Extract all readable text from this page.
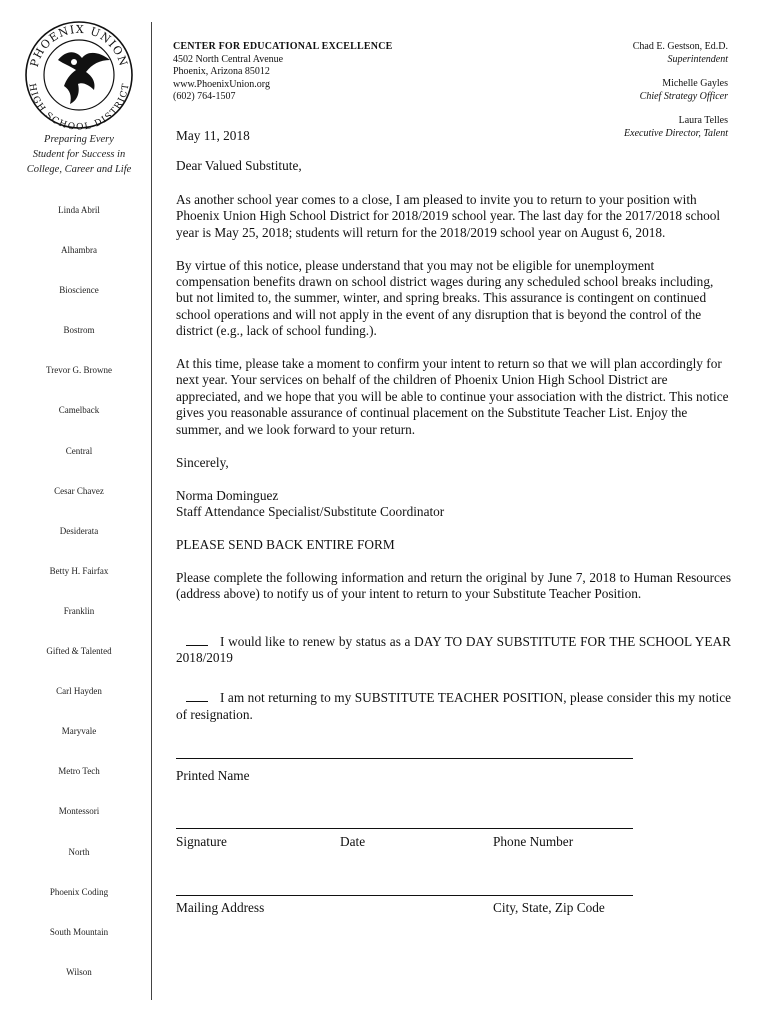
PHOENIX UNION
HIGH SCHOOL DISTRICT
Preparing Every
Student for Success in
College, Career and Life
Linda Abril
Alhambra
Bioscience
Bostrom
Trevor G. Browne
Camelback
Central
Cesar Chavez
Desiderata
Betty H. Fairfax
Franklin
Gifted & Talented
Carl Hayden
Maryvale
Metro Tech
Montessori
North
Phoenix Coding
South Mountain
Wilson
CENTER FOR EDUCATIONAL EXCELLENCE
4502 North Central Avenue
Phoenix, Arizona 85012
www.PhoenixUnion.org
(602) 764-1507
Chad E. Gestson, Ed.D.
Superintendent
Michelle Gayles
Chief Strategy Officer
Laura Telles
Executive Director, Talent

May 11, 2018

Dear Valued Substitute,

As another school year comes to a close, I am pleased to invite you to return to your position with Phoenix Union High School District for 2018/2019 school year. The last day for the 2017/2018 school year is May 25, 2018; students will return for the 2018/2019 school year on August 6, 2018.

By virtue of this notice, please understand that you may not be eligible for unemployment compensation benefits drawn on school district wages during any scheduled school breaks including, but not limited to, the summer, winter, and spring breaks. This assurance is contingent on continued school operations and will not apply in the event of any disruption that is beyond the control of the district (e.g., lack of school funding.).

At this time, please take a moment to confirm your intent to return so that we will plan accordingly for next year. Your services on behalf of the children of Phoenix Union High School District are appreciated, and we hope that you will be able to continue your association with the district. This notice gives you reasonable assurance of continual placement on the Substitute Teacher List. Enjoy the summer, and we look forward to your return.

Sincerely,

Norma Dominguez

Staff Attendance Specialist/Substitute Coordinator

PLEASE SEND BACK ENTIRE FORM

Please complete the following information and return the original by June 7, 2018 to Human Resources (address above) to notify us of your intent to return to your Substitute Teacher Position.

I would like to renew by status as a DAY TO DAY SUBSTITUTE FOR THE SCHOOL YEAR 2018/2019

I am not returning to my SUBSTITUTE TEACHER POSITION, please consider this my notice of resignation.

Printed Name
Signature	Date	Phone Number
Mailing Address	City, State, Zip Code
